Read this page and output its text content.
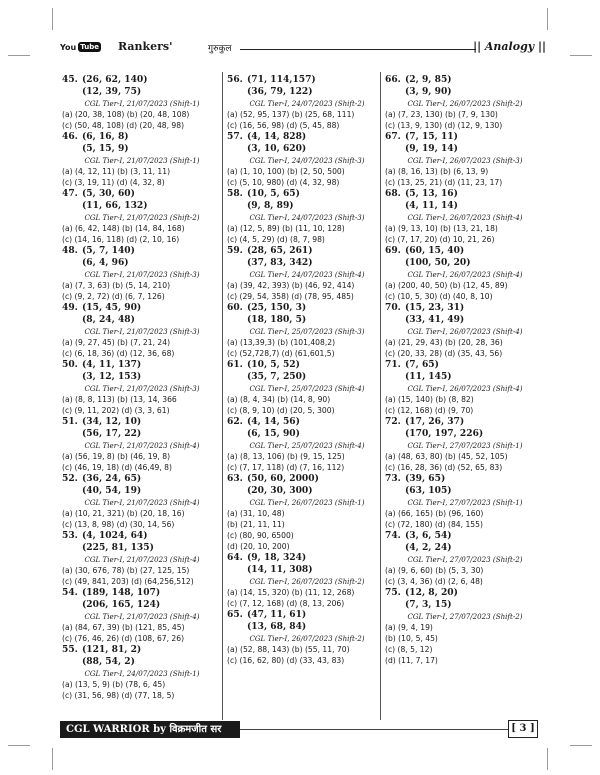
You Tube Rankers'	गुरुकुल	|| Analogy ||
45. (26, 62, 140)
(12, 39, 75)
CGL Tier-I, 21/07/2023 (Shift-1)
(a) (20, 38, 108) (b) (20, 48, 108)
(c) (50, 48, 108) (d) (20, 48, 98)
46. (6, 16, 8)
(5, 15, 9)
CGL Tier-I, 21/07/2023 (Shift-1)
(a) (4, 12, 11) (b) (3, 11, 11)
(c) (3, 19, 11) (d) (4, 32, 8)
47. (5, 30, 60)
(11, 66, 132)
CGL Tier-I, 21/07/2023 (Shift-2)
(a) (6, 42, 148) (b) (14, 84, 168)
(c) (14, 16, 118) (d) (2, 10, 16)
48. (5, 7, 140)
(6, 4, 96)
CGL Tier-I, 21/07/2023 (Shift-3)
(a) (7, 3, 63) (b) (5, 14, 210)
(c) (9, 2, 72) (d) (6, 7, 126)
49. (15, 45, 90)
(8, 24, 48)
CGL Tier-I, 21/07/2023 (Shift-3)
(a) (9, 27, 45) (b) (7, 21, 24)
(c) (6, 18, 36) (d) (12, 36, 68)
50. (4, 11, 137)
(3, 12, 153)
CGL Tier-I, 21/07/2023 (Shift-3)
(a) (8, 8, 113) (b) (13, 14, 366
(c) (9, 11, 202) (d) (3, 3, 61)
51. (34, 12, 10)
(56, 17, 22)
CGL Tier-I, 21/07/2023 (Shift-4)
(a) (56, 19, 8) (b) (46, 19, 8)
(c) (46, 19, 18) (d) (46,49, 8)
52. (36, 24, 65)
(40, 54, 19)
CGL Tier-I, 21/07/2023 (Shift-4)
(a) (10, 21, 321) (b) (20, 18, 16)
(c) (13, 8, 98) (d) (30, 14, 56)
53. (4, 1024, 64)
(225, 81, 135)
CGL Tier-I, 21/07/2023 (Shift-4)
(a) (30, 676, 78) (b) (27, 125, 15)
(c) (49, 841, 203) (d) (64,256,512)
54. (189, 148, 107)
(206, 165, 124)
CGL Tier-I, 21/07/2023 (Shift-4)
(a) (84, 67, 39) (b) (121, 85, 45)
(c) (76, 46, 26) (d) (108, 67, 26)
55. (121, 81, 2)
(88, 54, 2)
CGL Tier-I, 24/07/2023 (Shift-1)
(a) (13, 5, 9) (b) (78, 6, 45)
(c) (31, 56, 98) (d) (77, 18, 5)
56. (71, 114,157)
(36, 79, 122)
CGL Tier-I, 24/07/2023 (Shift-2)
(a) (52, 95, 137) (b) (25, 68, 111)
(c) (16, 56, 98) (d) (5, 45, 88)
57. (4, 14, 828)
(3, 10, 620)
CGL Tier-I, 24/07/2023 (Shift-3)
(a) (1, 10, 100) (b) (2, 50, 500)
(c) (5, 10, 980) (d) (4, 32, 98)
58. (10, 5, 65)
(9, 8, 89)
CGL Tier-I, 24/07/2023 (Shift-3)
(a) (12, 5, 89) (b) (11, 10, 128)
(c) (4, 5, 29) (d) (8, 7, 98)
59. (28, 65, 261)
(37, 83, 342)
CGL Tier-I, 24/07/2023 (Shift-4)
(a) (39, 42, 393) (b) (46, 92, 414)
(c) (29, 54, 358) (d) (78, 95, 485)
60. (25, 150, 3)
(18, 180, 5)
CGL Tier-I, 25/07/2023 (Shift-3)
(a) (13,39,3) (b) (101,408,2)
(c) (52,728,7) (d) (61,601,5)
61. (10, 5, 52)
(35, 7, 250)
CGL Tier-I, 25/07/2023 (Shift-4)
(a) (8, 4, 34) (b) (14, 8, 90)
(c) (8, 9, 10) (d) (20, 5, 300)
62. (4, 14, 56)
(6, 15, 90)
CGL Tier-I, 25/07/2023 (Shift-4)
(a) (8, 13, 106) (b) (9, 15, 125)
(c) (7, 17, 118) (d) (7, 16, 112)
63. (50, 60, 2000)
(20, 30, 300)
CGL Tier-I, 26/07/2023 (Shift-1)
(a) (31, 10, 48)
(b) (21, 11, 11)
(c) (80, 90, 6500)
(d) (20, 10, 200)
64. (9, 18, 324)
(14, 11, 308)
CGL Tier-I, 26/07/2023 (Shift-2)
(a) (14, 15, 320) (b) (11, 12, 268)
(c) (7, 12, 168) (d) (8, 13, 206)
65. (47, 11, 61)
(13, 68, 84)
CGL Tier-I, 26/07/2023 (Shift-2)
(a) (52, 88, 143) (b) (55, 11, 70)
(c) (16, 62, 80) (d) (33, 43, 83)
66. (2, 9, 85)
(3, 9, 90)
CGL Tier-I, 26/07/2023 (Shift-2)
(a) (7, 23, 130) (b) (7, 9, 130)
(c) (13, 9, 130) (d) (12, 9, 130)
67. (7, 15, 11)
(9, 19, 14)
CGL Tier-I, 26/07/2023 (Shift-3)
(a) (8, 16, 13) (b) (6, 13, 9)
(c) (13, 25, 21) (d) (11, 23, 17)
68. (5, 13, 16)
(4, 11, 14)
CGL Tier-I, 26/07/2023 (Shift-4)
(a) (9, 13, 10) (b) (13, 21, 18)
(c) (7, 17, 20) (d) 10, 21, 26)
69. (60, 15, 40)
(100, 50, 20)
CGL Tier-I, 26/07/2023 (Shift-4)
(a) (200, 40, 50) (b) (12, 45, 89)
(c) (10, 5, 30) (d) (40, 8, 10)
70. (15, 23, 31)
(33, 41, 49)
CGL Tier-I, 26/07/2023 (Shift-4)
(a) (21, 29, 43) (b) (20, 28, 36)
(c) (20, 33, 28) (d) (35, 43, 56)
71. (7, 65)
(11, 145)
CGL Tier-I, 26/07/2023 (Shift-4)
(a) (15, 140) (b) (8, 82)
(c) (12, 168) (d) (9, 70)
72. (17, 26, 37)
(170, 197, 226)
CGL Tier-I, 27/07/2023 (Shift-1)
(a) (48, 63, 80) (b) (45, 52, 105)
(c) (16, 28, 36) (d) (52, 65, 83)
73. (39, 65)
(63, 105)
CGL Tier-I, 27/07/2023 (Shift-1)
(a) (66, 165) (b) (96, 160)
(c) (72, 180) (d) (84, 155)
74. (3, 6, 54)
(4, 2, 24)
CGL Tier-I, 27/07/2023 (Shift-2)
(a) (9, 6, 60) (b) (5, 3, 30)
(c) (3, 4, 36) (d) (2, 6, 48)
75. (12, 8, 20)
(7, 3, 15)
CGL Tier-I, 27/07/2023 (Shift-2)
(a) (9, 4, 19)
(b) (10, 5, 45)
(c) (8, 5, 12)
(d) (11, 7, 17)
CGL WARRIOR by विक्रमजीत सर	[ 3 ]
